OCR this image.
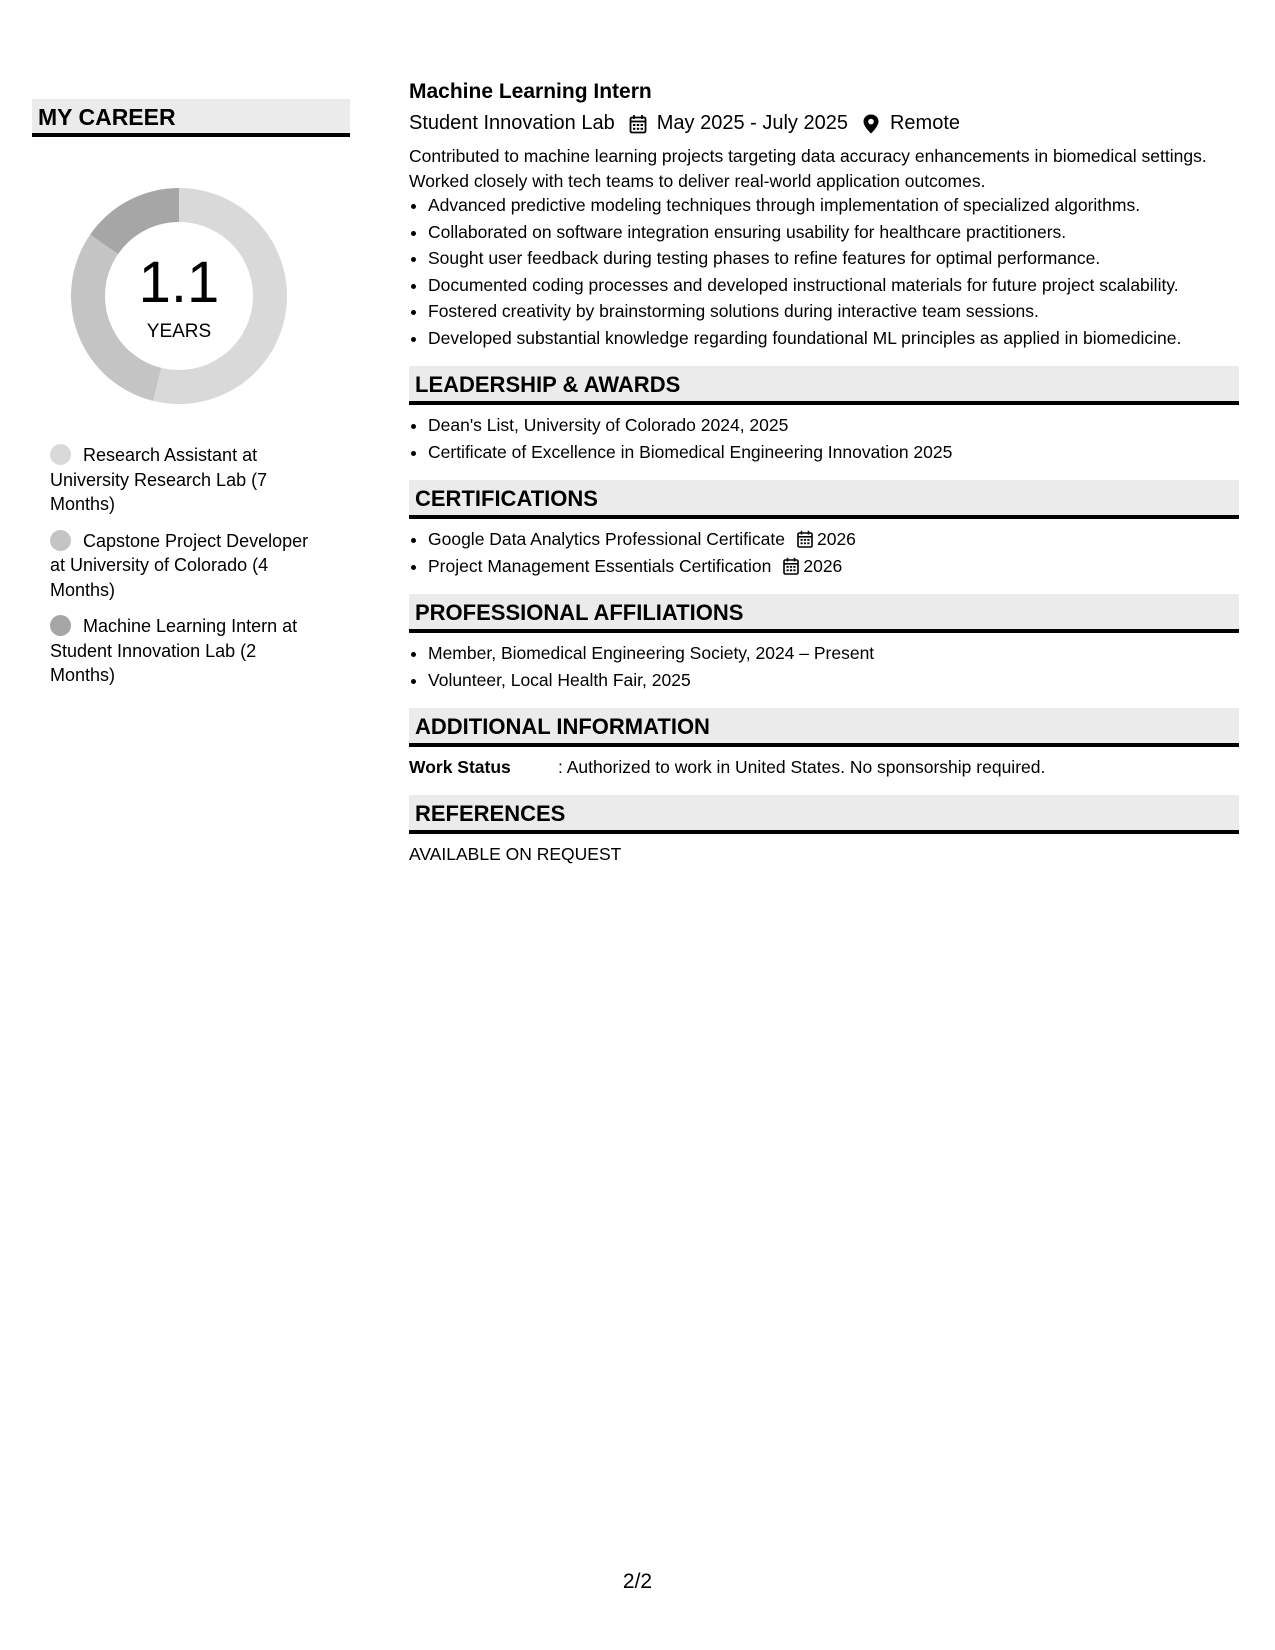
MY CAREER
1.1
YEARS
Research Assistant at University Research Lab (7 Months)
Capstone Project Developer at University of Colorado (4 Months)
Machine Learning Intern at Student Innovation Lab (2 Months)
Machine Learning Intern
Student Innovation Lab May 2025 - July 2025 Remote
Contributed to machine learning projects targeting data accuracy enhancements in biomedical settings. Worked closely with tech teams to deliver real-world application outcomes.
• Advanced predictive modeling techniques through implementation of specialized algorithms.
• Collaborated on software integration ensuring usability for healthcare practitioners.
• Sought user feedback during testing phases to refine features for optimal performance.
• Documented coding processes and developed instructional materials for future project scalability.
• Fostered creativity by brainstorming solutions during interactive team sessions.
• Developed substantial knowledge regarding foundational ML principles as applied in biomedicine.
LEADERSHIP & AWARDS
• Dean's List, University of Colorado 2024, 2025
• Certificate of Excellence in Biomedical Engineering Innovation 2025
CERTIFICATIONS
• Google Data Analytics Professional Certificate 2026
• Project Management Essentials Certification 2026
PROFESSIONAL AFFILIATIONS
• Member, Biomedical Engineering Society, 2024 – Present
• Volunteer, Local Health Fair, 2025
ADDITIONAL INFORMATION
Work Status	: Authorized to work in United States. No sponsorship required.
REFERENCES
AVAILABLE ON REQUEST
2/2
